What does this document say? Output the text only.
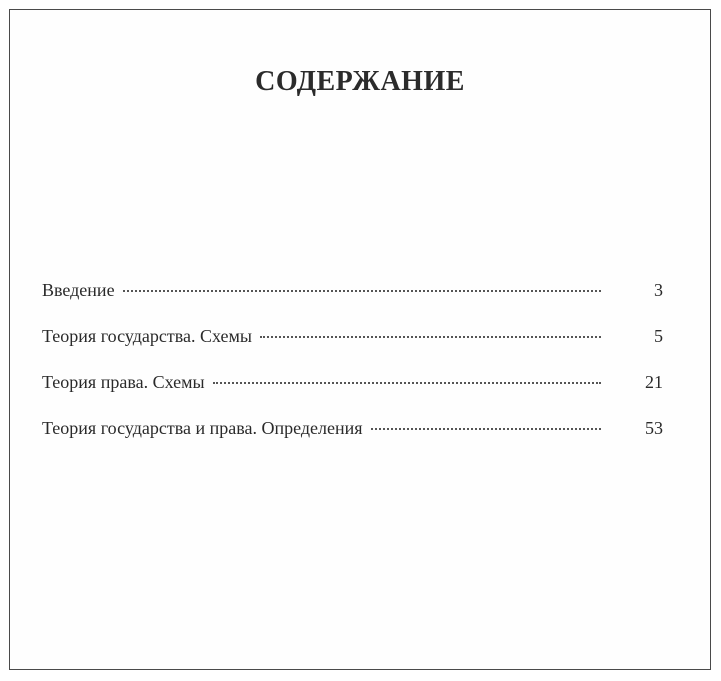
СОДЕРЖАНИЕ
Введение	3
Теория государства. Схемы	5
Теория права. Схемы	21
Теория государства и права. Определения	53
